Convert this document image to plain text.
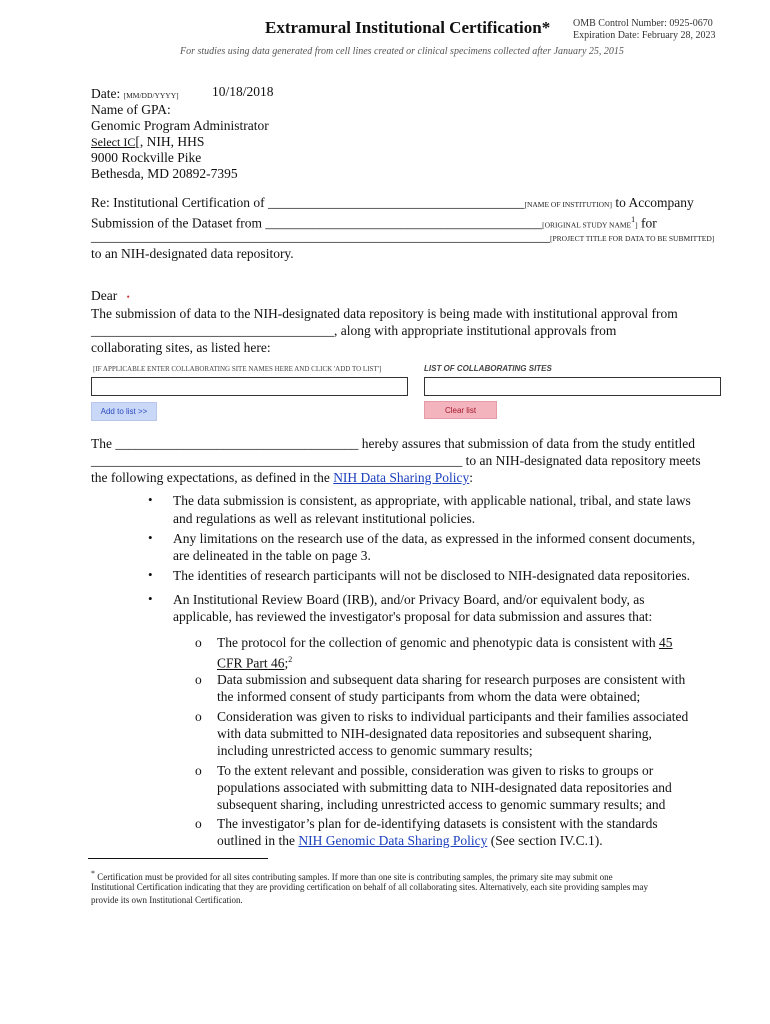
Extramural Institutional Certification* OMB Control Number: 0925-0670
Expiration Date: February 28, 2023
For studies using data generated from cell lines created or clinical specimens collected after January 25, 2015
Date: [MM/DD/YYYY] 10/18/2018
Name of GPA:
Genomic Program Administrator
Select IC[, NIH, HHS
9000 Rockville Pike
Bethesda, MD 20892-7395
Re: Institutional Certification of ______________________________________[NAME OF INSTITUTION] to Accompany
Submission of the Dataset from _________________________________________[ORIGINAL STUDY NAME$^1$] for
____________________________________________________________________[PROJECT TITLE FOR DATA TO BE SUBMITTED]
to an NIH-designated data repository.
Dear •
The submission of data to the NIH-designated data repository is being made with institutional approval from
____________________________________, along with appropriate institutional approvals from
collaborating sites, as listed here:
[IF APPLICABLE ENTER COLLABORATING SITE NAMES HERE AND CLICK 'ADD TO LIST']	LIST OF COLLABORATING SITES
Add to list >>	Clear list
The ____________________________________ hereby assures that submission of data from the study entitled
_______________________________________________________ to an NIH-designated data repository meets
the following expectations, as defined in the NIH Data Sharing Policy:
• The data submission is consistent, as appropriate, with applicable national, tribal, and state laws
and regulations as well as relevant institutional policies.
• Any limitations on the research use of the data, as expressed in the informed consent documents,
are delineated in the table on page 3.
• The identities of research participants will not be disclosed to NIH-designated data repositories.
• An Institutional Review Board (IRB), and/or Privacy Board, and/or equivalent body, as
applicable, has reviewed the investigator's proposal for data submission and assures that:
o The protocol for the collection of genomic and phenotypic data is consistent with 45
CFR Part 46;$^2$
o Data submission and subsequent data sharing for research purposes are consistent with
the informed consent of study participants from whom the data were obtained;
o Consideration was given to risks to individual participants and their families associated
with data submitted to NIH-designated data repositories and subsequent sharing,
including unrestricted access to genomic summary results;
o To the extent relevant and possible, consideration was given to risks to groups or
populations associated with submitting data to NIH-designated data repositories and
subsequent sharing, including unrestricted access to genomic summary results; and
o The investigator’s plan for de-identifying datasets is consistent with the standards
outlined in the NIH Genomic Data Sharing Policy (See section IV.C.1).
* Certification must be provided for all sites contributing samples. If more than one site is contributing samples, the primary site may submit one
Institutional Certification indicating that they are providing certification on behalf of all collaborating sites. Alternatively, each site providing samples may
provide its own Institutional Certification.
